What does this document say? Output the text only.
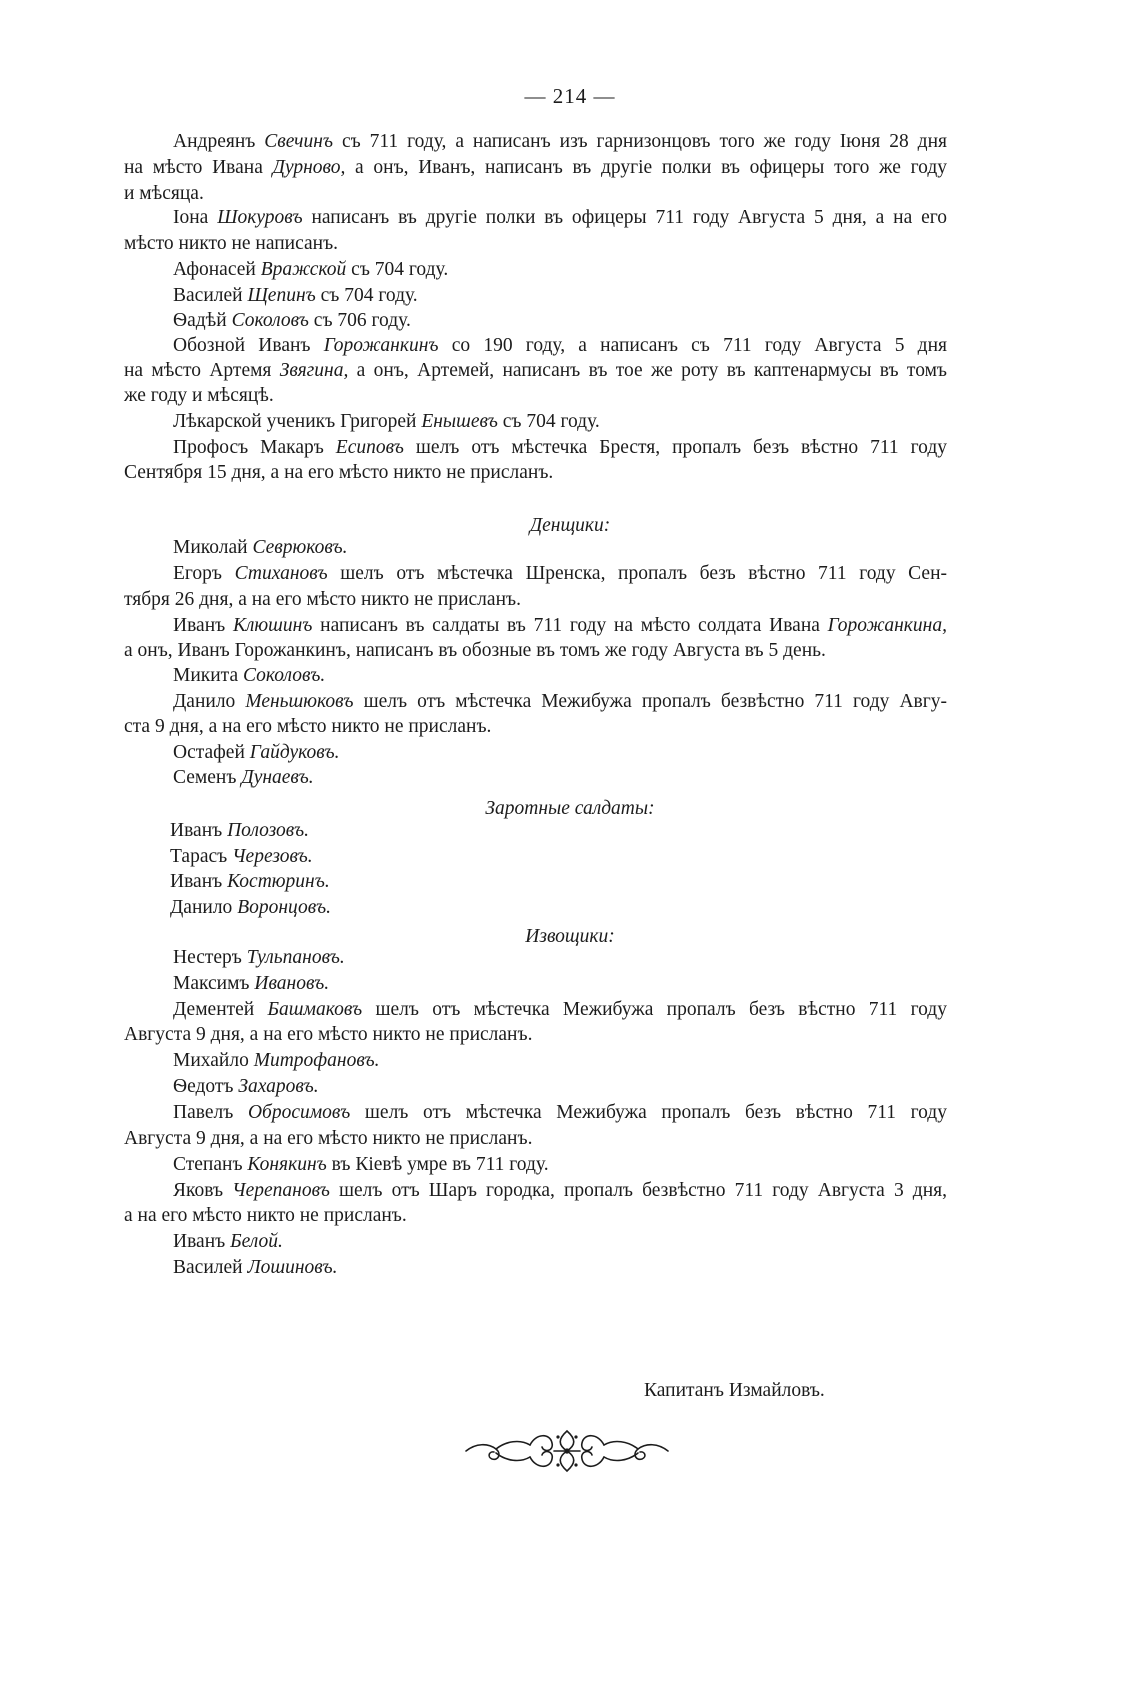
— 214 —
Андреянъ Свечинъ съ 711 году, а написанъ изъ гарнизонцовъ того же году Іюня 28 дня
на мѣсто Ивана Дурново, а онъ, Иванъ, написанъ въ другіе полки въ офицеры того же году
и мѣсяца.
Іона Шокуровъ написанъ въ другіе полки въ офицеры 711 году Августа 5 дня, а на его
мѣсто никто не написанъ.
Афонасей Вражской съ 704 году.
Василей Щепинъ съ 704 году.
Ѳадѣй Соколовъ съ 706 году.
Обозной Иванъ Горожанкинъ со 190 году, а написанъ съ 711 году Августа 5 дня
на мѣсто Артемя Звягина, а онъ, Артемей, написанъ въ тое же роту въ каптенармусы въ томъ
же году и мѣсяцѣ.
Лѣкарской ученикъ Григорей Енышевъ съ 704 году.
Профосъ Макаръ Есиповъ шелъ отъ мѣстечка Брестя, пропалъ безъ вѣстно 711 году
Сентября 15 дня, а на его мѣсто никто не присланъ.
Денщики:
Миколай Севрюковъ.
Егоръ Стихановъ шелъ отъ мѣстечка Шренска, пропалъ безъ вѣстно 711 году Сен-
тября 26 дня, а на его мѣсто никто не присланъ.
Иванъ Клюшинъ написанъ въ салдаты въ 711 году на мѣсто солдата Ивана Горожанкина,
а онъ, Иванъ Горожанкинъ, написанъ въ обозные въ томъ же году Августа въ 5 день.
Микита Соколовъ.
Данило Меньшюковъ шелъ отъ мѣстечка Межибужа пропалъ безвѣстно 711 году Авгу-
ста 9 дня, а на его мѣсто никто не присланъ.
Остафей Гайдуковъ.
Семенъ Дунаевъ.
Заротные салдаты:
Иванъ Полозовъ.
Тарасъ Черезовъ.
Иванъ Костюринъ.
Данило Воронцовъ.
Извощики:
Нестеръ Тульпановъ.
Максимъ Ивановъ.
Дементей Башмаковъ шелъ отъ мѣстечка Межибужа пропалъ безъ вѣстно 711 году
Августа 9 дня, а на его мѣсто никто не присланъ.
Михайло Митрофановъ.
Ѳедотъ Захаровъ.
Павелъ Обросимовъ шелъ отъ мѣстечка Межибужа пропалъ безъ вѣстно 711 году
Августа 9 дня, а на его мѣсто никто не присланъ.
Степанъ Конякинъ въ Кіевѣ умре въ 711 году.
Яковъ Черепановъ шелъ отъ Шаръ городка, пропалъ безвѣстно 711 году Августа 3 дня,
а на его мѣсто никто не присланъ.
Иванъ Белой.
Василей Лошиновъ.
Капитанъ Измайловъ.
